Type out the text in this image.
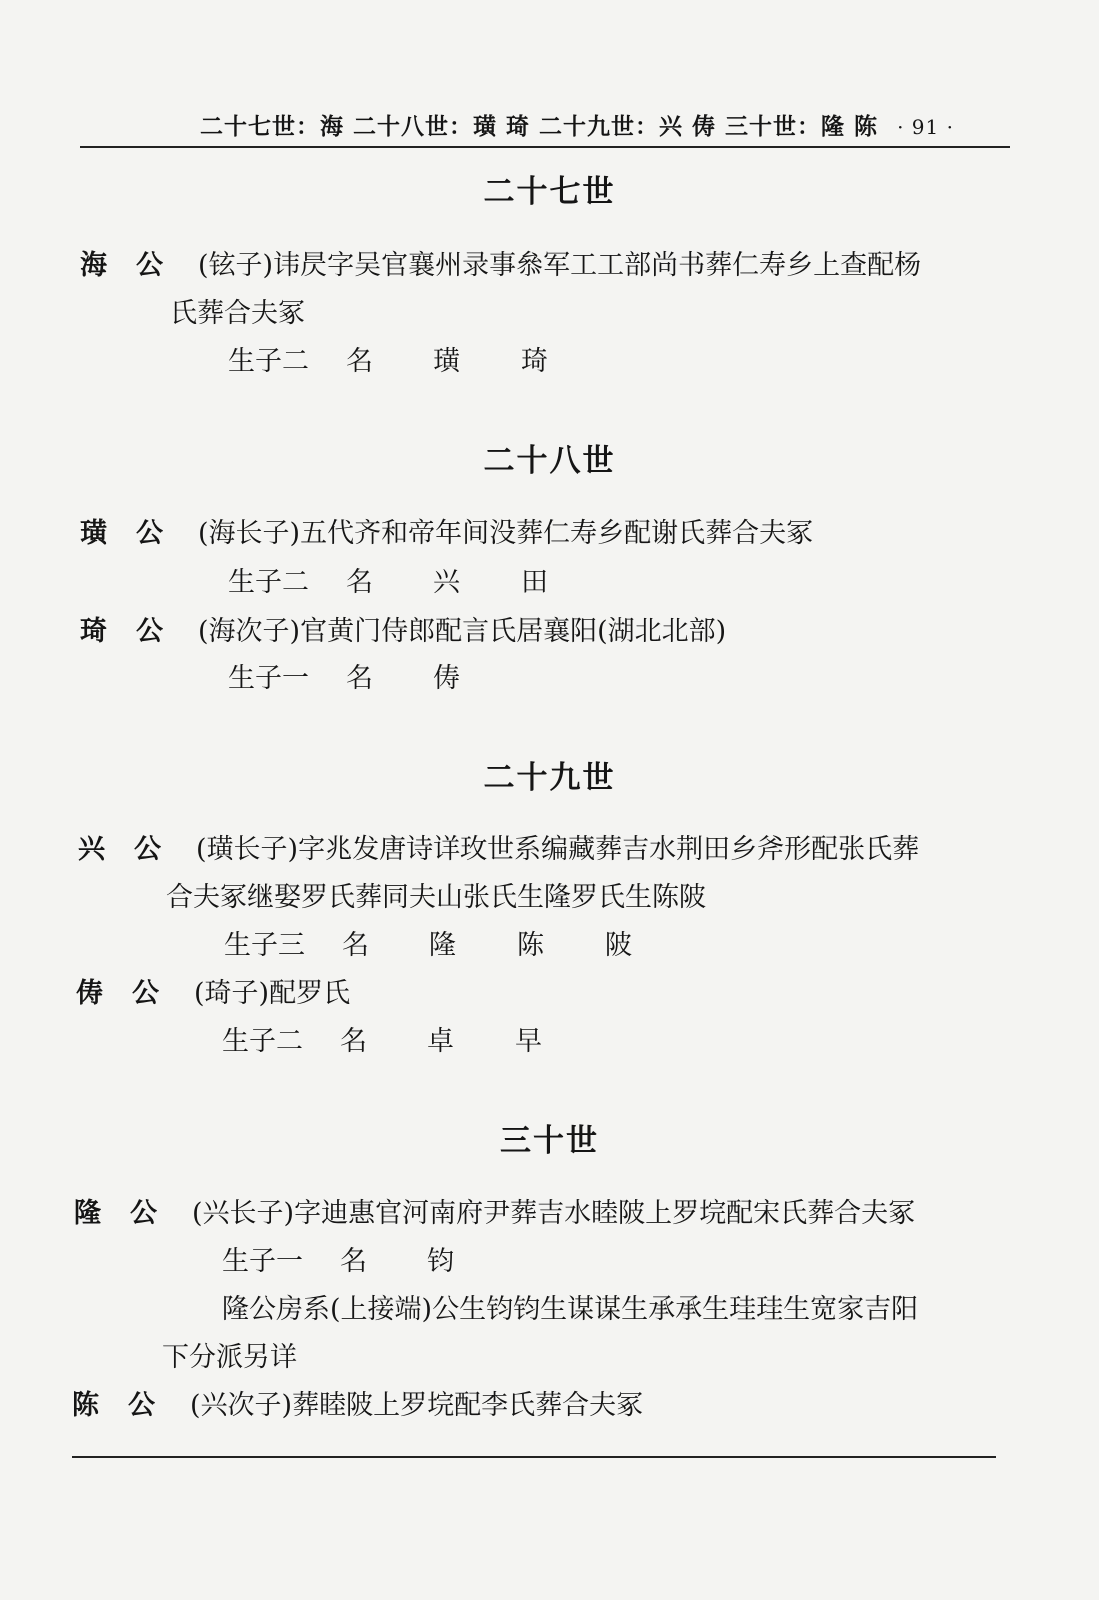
二十七世：海 二十八世：璜 琦 二十九世：兴 俦 三十世：隆 陈 · 91 ·
二十七世
海 公 (铉子)讳昃字吴官襄州录事叅军工工部尚书葬仁寿乡上查配杨
氏葬合夫冢
生子二 名 璜 琦
二十八世
璜 公 (海长子)五代齐和帝年间没葬仁寿乡配谢氏葬合夫冢
生子二 名 兴 田
琦 公 (海次子)官黄门侍郎配言氏居襄阳(湖北北部)
生子一 名 俦
二十九世
兴 公 (璜长子)字兆发唐诗详玫世系编藏葬吉水荆田乡斧形配张氏葬
合夫冢继娶罗氏葬同夫山张氏生隆罗氏生陈陂
生子三 名 隆 陈 陂
俦 公 (琦子)配罗氏
生子二 名 卓 早
三十世
隆 公 (兴长子)字迪惠官河南府尹葬吉水睦陂上罗垸配宋氏葬合夫冢
生子一 名 钧
隆公房系(上接端)公生钧钧生谋谋生承承生珪珪生宽家吉阳
下分派另详
陈 公 (兴次子)葬睦陂上罗垸配李氏葬合夫冢
